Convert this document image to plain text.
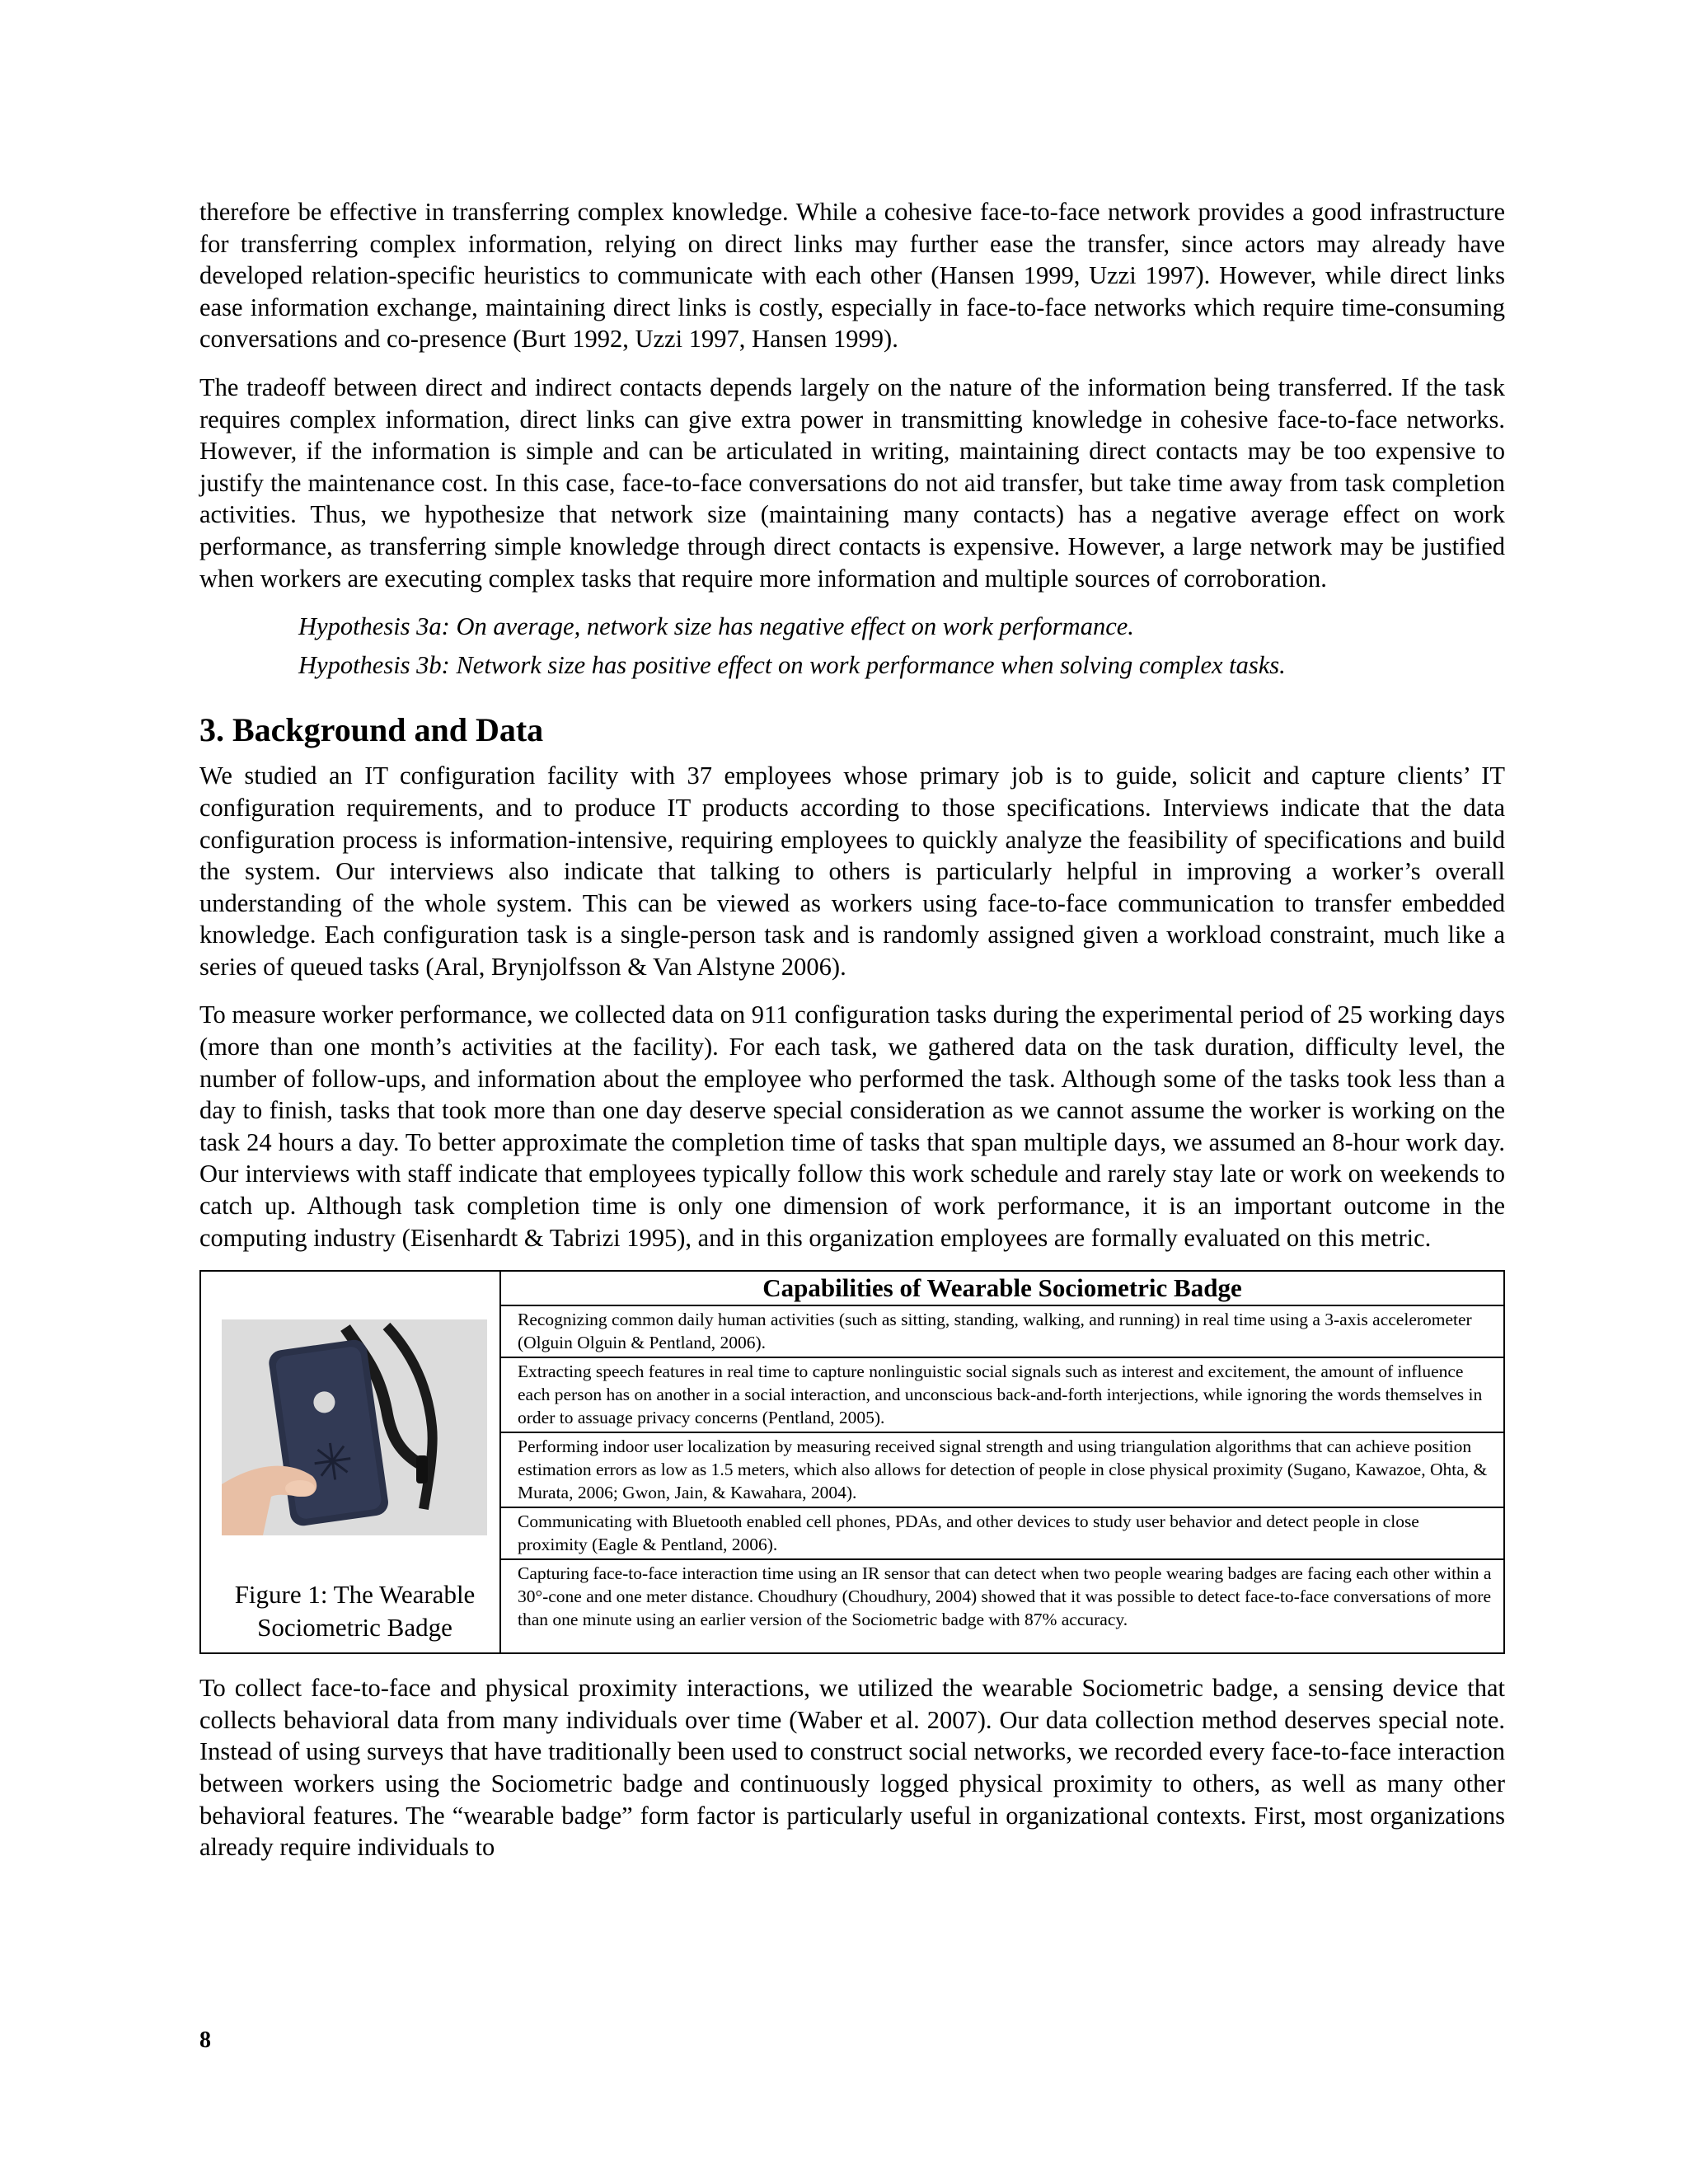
therefore be effective in transferring complex knowledge. While a cohesive face-to-face network provides a good infrastructure for transferring complex information, relying on direct links may further ease the transfer, since actors may already have developed relation-specific heuristics to communicate with each other (Hansen 1999, Uzzi 1997). However, while direct links ease information exchange, maintaining direct links is costly, especially in face-to-face networks which require time-consuming conversations and co-presence (Burt 1992, Uzzi 1997, Hansen 1999).

The tradeoff between direct and indirect contacts depends largely on the nature of the information being transferred. If the task requires complex information, direct links can give extra power in transmitting knowledge in cohesive face-to-face networks. However, if the information is simple and can be articulated in writing, maintaining direct contacts may be too expensive to justify the maintenance cost. In this case, face-to-face conversations do not aid transfer, but take time away from task completion activities. Thus, we hypothesize that network size (maintaining many contacts) has a negative average effect on work performance, as transferring simple knowledge through direct contacts is expensive. However, a large network may be justified when workers are executing complex tasks that require more information and multiple sources of corroboration.

Hypothesis 3a: On average, network size has negative effect on work performance.

Hypothesis 3b: Network size has positive effect on work performance when solving complex tasks.

3. Background and Data

We studied an IT configuration facility with 37 employees whose primary job is to guide, solicit and capture clients’ IT configuration requirements, and to produce IT products according to those specifications. Interviews indicate that the data configuration process is information-intensive, requiring employees to quickly analyze the feasibility of specifications and build the system. Our interviews also indicate that talking to others is particularly helpful in improving a worker’s overall understanding of the whole system. This can be viewed as workers using face-to-face communication to transfer embedded knowledge. Each configuration task is a single-person task and is randomly assigned given a workload constraint, much like a series of queued tasks (Aral, Brynjolfsson & Van Alstyne 2006).

To measure worker performance, we collected data on 911 configuration tasks during the experimental period of 25 working days (more than one month’s activities at the facility). For each task, we gathered data on the task duration, difficulty level, the number of follow-ups, and information about the employee who performed the task. Although some of the tasks took less than a day to finish, tasks that took more than one day deserve special consideration as we cannot assume the worker is working on the task 24 hours a day. To better approximate the completion time of tasks that span multiple days, we assumed an 8-hour work day. Our interviews with staff indicate that employees typically follow this work schedule and rarely stay late or work on weekends to catch up. Although task completion time is only one dimension of work performance, it is an important outcome in the computing industry (Eisenhardt & Tabrizi 1995), and in this organization employees are formally evaluated on this metric.

Figure 1: The Wearable Sociometric Badge

Capabilities of Wearable Sociometric Badge
Recognizing common daily human activities (such as sitting, standing, walking, and running) in real time using a 3-axis accelerometer (Olguin Olguin & Pentland, 2006).
Extracting speech features in real time to capture nonlinguistic social signals such as interest and excitement, the amount of influence each person has on another in a social interaction, and unconscious back-and-forth interjections, while ignoring the words themselves in order to assuage privacy concerns (Pentland, 2005).
Performing indoor user localization by measuring received signal strength and using triangulation algorithms that can achieve position estimation errors as low as 1.5 meters, which also allows for detection of people in close physical proximity (Sugano, Kawazoe, Ohta, & Murata, 2006; Gwon, Jain, & Kawahara, 2004).
Communicating with Bluetooth enabled cell phones, PDAs, and other devices to study user behavior and detect people in close proximity (Eagle & Pentland, 2006).
Capturing face-to-face interaction time using an IR sensor that can detect when two people wearing badges are facing each other within a 30°-cone and one meter distance. Choudhury (Choudhury, 2004) showed that it was possible to detect face-to-face conversations of more than one minute using an earlier version of the Sociometric badge with 87% accuracy.

To collect face-to-face and physical proximity interactions, we utilized the wearable Sociometric badge, a sensing device that collects behavioral data from many individuals over time (Waber et al. 2007). Our data collection method deserves special note. Instead of using surveys that have traditionally been used to construct social networks, we recorded every face-to-face interaction between workers using the Sociometric badge and continuously logged physical proximity to others, as well as many other behavioral features. The “wearable badge” form factor is particularly useful in organizational contexts. First, most organizations already require individuals to

8
